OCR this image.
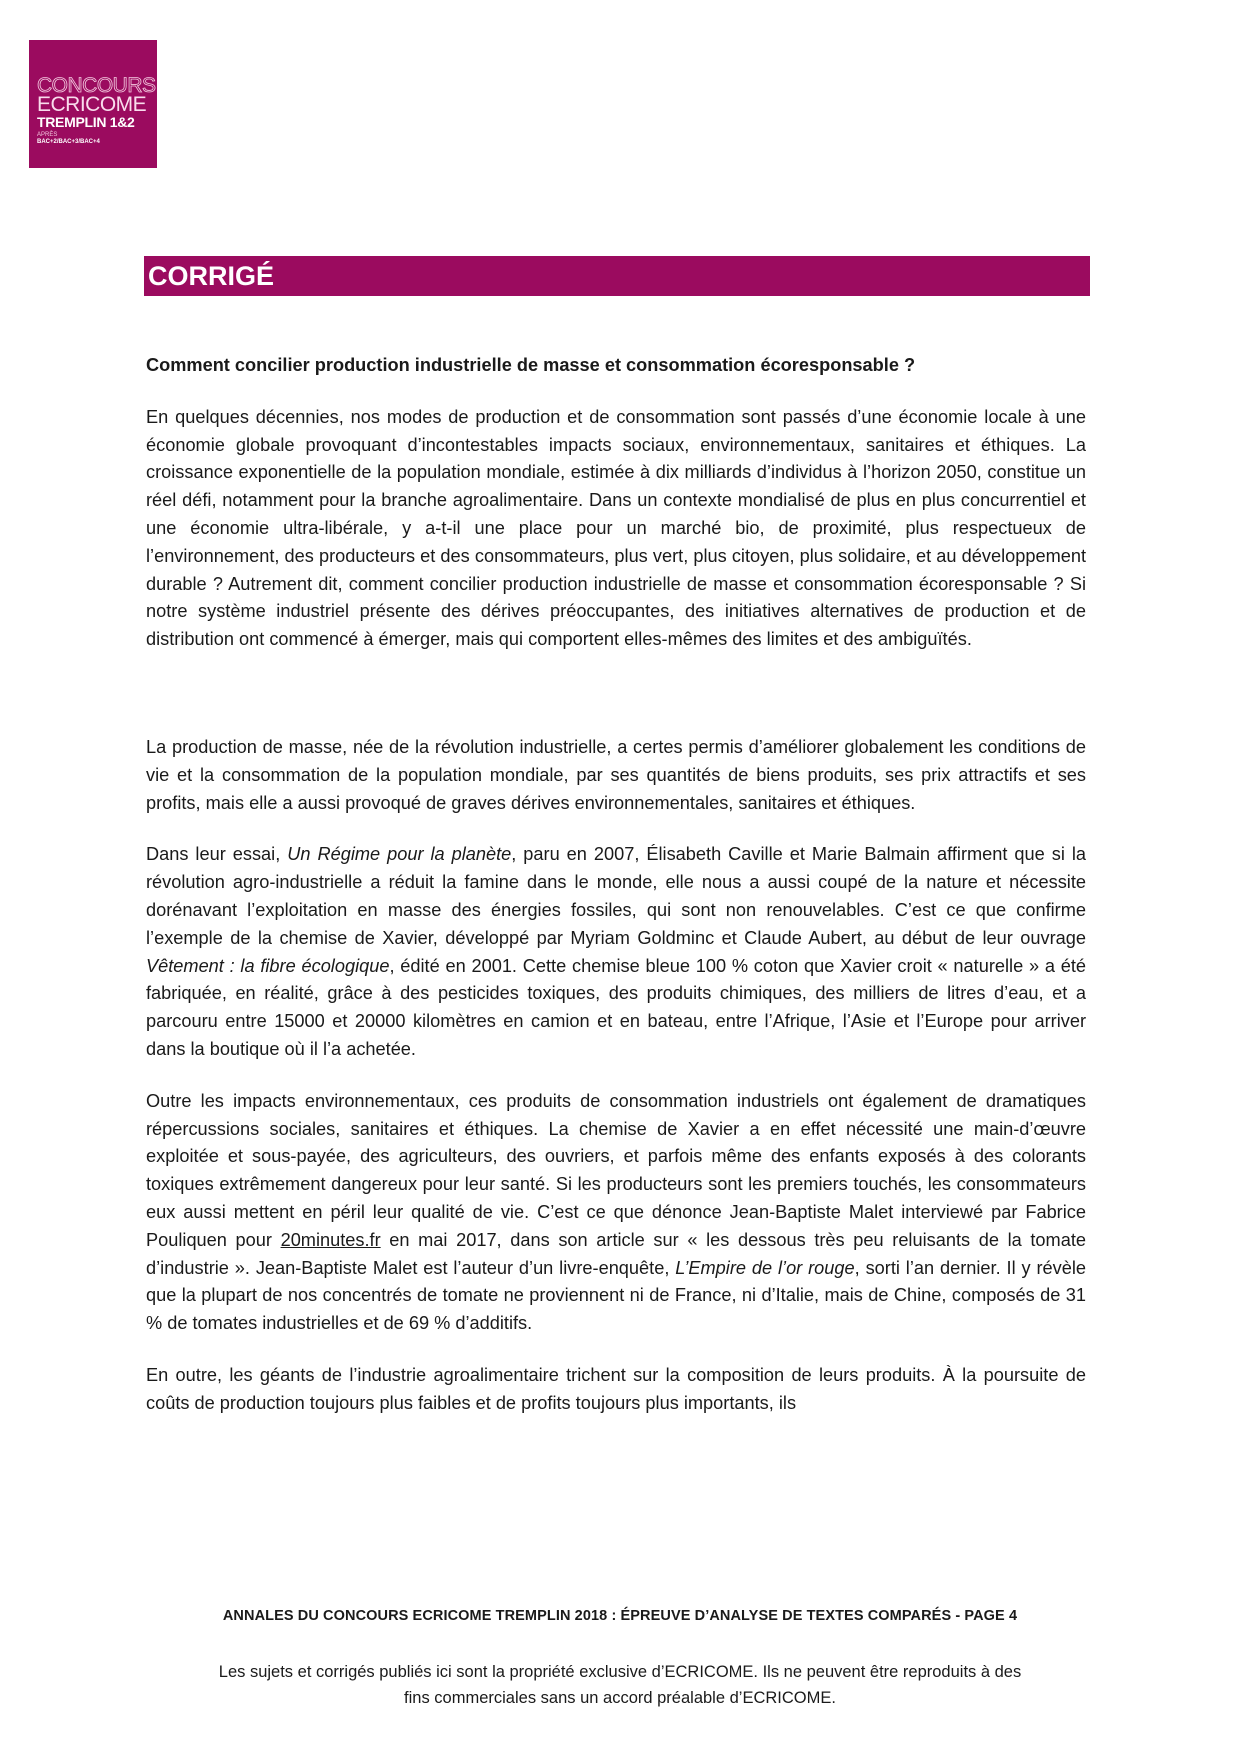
CONCOURS
ECRICOME
TREMPLIN 1&2
APRÈS
BAC+2/BAC+3/BAC+4
CORRIGÉ

Comment concilier production industrielle de masse et consommation écoresponsable ?

En quelques décennies, nos modes de production et de consommation sont passés d’une économie locale à une économie globale provoquant d’incontestables impacts sociaux, environnementaux, sanitaires et éthiques. La croissance exponentielle de la population mondiale, estimée à dix milliards d’individus à l’horizon 2050, constitue un réel défi, notamment pour la branche agroalimentaire. Dans un contexte mondialisé de plus en plus concurrentiel et une économie ultra-libérale, y a-t-il une place pour un marché bio, de proximité, plus respectueux de l’environnement, des producteurs et des consommateurs, plus vert, plus citoyen, plus solidaire, et au développement durable ? Autrement dit, comment concilier production industrielle de masse et consommation écoresponsable ? Si notre système industriel présente des dérives préoccupantes, des initiatives alternatives de production et de distribution ont commencé à émerger, mais qui comportent elles-mêmes des limites et des ambiguïtés.

La production de masse, née de la révolution industrielle, a certes permis d’améliorer globalement les conditions de vie et la consommation de la population mondiale, par ses quantités de biens produits, ses prix attractifs et ses profits, mais elle a aussi provoqué de graves dérives environnementales, sanitaires et éthiques.

Dans leur essai, Un Régime pour la planète, paru en 2007, Élisabeth Caville et Marie Balmain affirment que si la révolution agro-industrielle a réduit la famine dans le monde, elle nous a aussi coupé de la nature et nécessite dorénavant l’exploitation en masse des énergies fossiles, qui sont non renouvelables. C’est ce que confirme l’exemple de la chemise de Xavier, développé par Myriam Goldminc et Claude Aubert, au début de leur ouvrage Vêtement : la fibre écologique, édité en 2001. Cette chemise bleue 100 % coton que Xavier croit « naturelle » a été fabriquée, en réalité, grâce à des pesticides toxiques, des produits chimiques, des milliers de litres d’eau, et a parcouru entre 15000 et 20000 kilomètres en camion et en bateau, entre l’Afrique, l’Asie et l’Europe pour arriver dans la boutique où il l’a achetée.

Outre les impacts environnementaux, ces produits de consommation industriels ont également de dramatiques répercussions sociales, sanitaires et éthiques. La chemise de Xavier a en effet nécessité une main-d’œuvre exploitée et sous-payée, des agriculteurs, des ouvriers, et parfois même des enfants exposés à des colorants toxiques extrêmement dangereux pour leur santé. Si les producteurs sont les premiers touchés, les consommateurs eux aussi mettent en péril leur qualité de vie. C’est ce que dénonce Jean-Baptiste Malet interviewé par Fabrice Pouliquen pour 20minutes.fr en mai 2017, dans son article sur « les dessous très peu reluisants de la tomate d’industrie ». Jean-Baptiste Malet est l’auteur d’un livre-enquête, L’Empire de l’or rouge, sorti l’an dernier. Il y révèle que la plupart de nos concentrés de tomate ne proviennent ni de France, ni d’Italie, mais de Chine, composés de 31 % de tomates industrielles et de 69 % d’additifs.

En outre, les géants de l’industrie agroalimentaire trichent sur la composition de leurs produits. À la poursuite de coûts de production toujours plus faibles et de profits toujours plus importants, ils

ANNALES DU CONCOURS ECRICOME TREMPLIN 2018 : ÉPREUVE D’ANALYSE DE TEXTES COMPARÉS - PAGE 4
Les sujets et corrigés publiés ici sont la propriété exclusive d’ECRICOME. Ils ne peuvent être reproduits à des
fins commerciales sans un accord préalable d’ECRICOME.
